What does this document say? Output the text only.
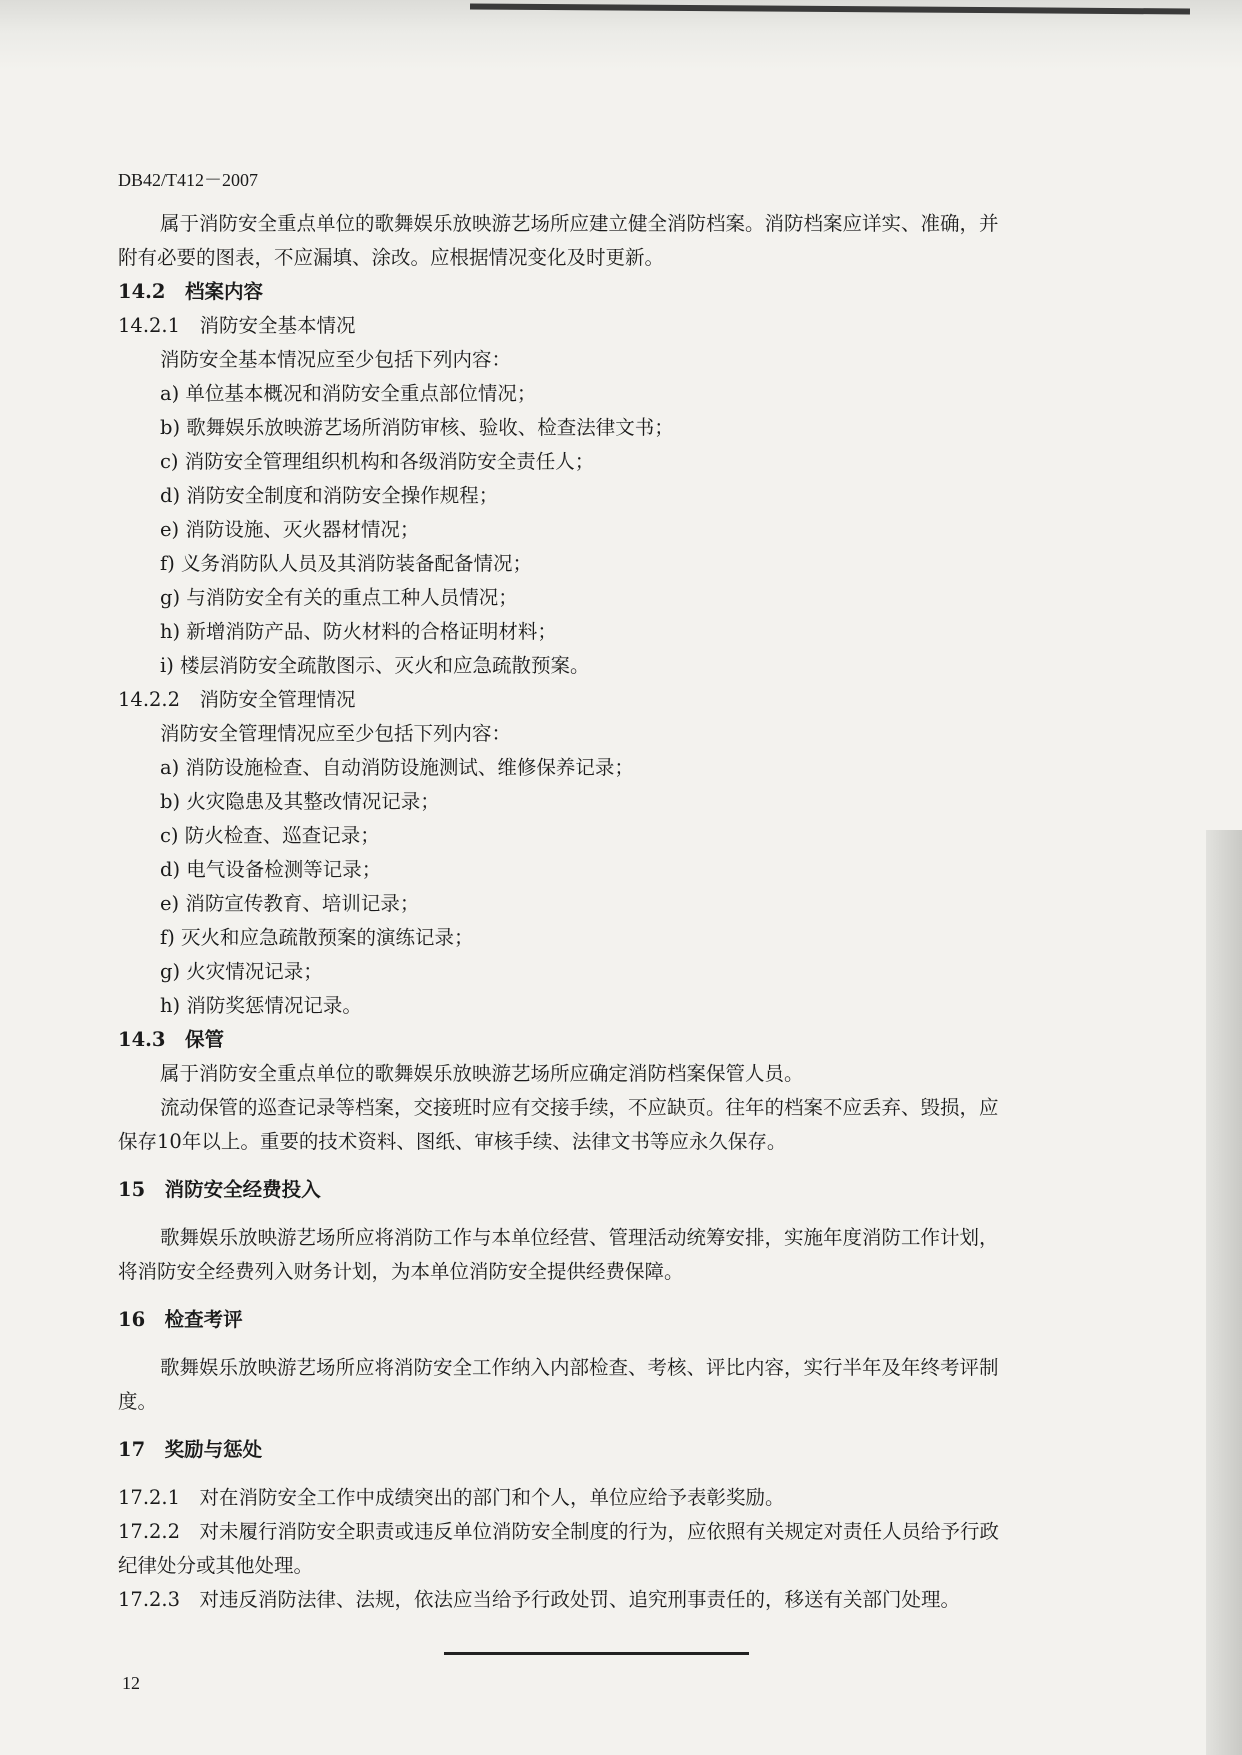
DB42/T412－2007
属于消防安全重点单位的歌舞娱乐放映游艺场所应建立健全消防档案。消防档案应详实、准确，并
附有必要的图表，不应漏填、涂改。应根据情况变化及时更新。
14.2　档案内容
14.2.1　消防安全基本情况
消防安全基本情况应至少包括下列内容：
a) 单位基本概况和消防安全重点部位情况；
b) 歌舞娱乐放映游艺场所消防审核、验收、检查法律文书；
c) 消防安全管理组织机构和各级消防安全责任人；
d) 消防安全制度和消防安全操作规程；
e) 消防设施、灭火器材情况；
f) 义务消防队人员及其消防装备配备情况；
g) 与消防安全有关的重点工种人员情况；
h) 新增消防产品、防火材料的合格证明材料；
i) 楼层消防安全疏散图示、灭火和应急疏散预案。
14.2.2　消防安全管理情况
消防安全管理情况应至少包括下列内容：
a) 消防设施检查、自动消防设施测试、维修保养记录；
b) 火灾隐患及其整改情况记录；
c) 防火检查、巡查记录；
d) 电气设备检测等记录；
e) 消防宣传教育、培训记录；
f) 灭火和应急疏散预案的演练记录；
g) 火灾情况记录；
h) 消防奖惩情况记录。
14.3　保管
属于消防安全重点单位的歌舞娱乐放映游艺场所应确定消防档案保管人员。
流动保管的巡查记录等档案，交接班时应有交接手续，不应缺页。往年的档案不应丢弃、毁损，应
保存10年以上。重要的技术资料、图纸、审核手续、法律文书等应永久保存。
15　消防安全经费投入
歌舞娱乐放映游艺场所应将消防工作与本单位经营、管理活动统筹安排，实施年度消防工作计划，
将消防安全经费列入财务计划，为本单位消防安全提供经费保障。
16　检查考评
歌舞娱乐放映游艺场所应将消防安全工作纳入内部检查、考核、评比内容，实行半年及年终考评制
度。
17　奖励与惩处
17.2.1　对在消防安全工作中成绩突出的部门和个人，单位应给予表彰奖励。
17.2.2　对未履行消防安全职责或违反单位消防安全制度的行为，应依照有关规定对责任人员给予行政
纪律处分或其他处理。
17.2.3　对违反消防法律、法规，依法应当给予行政处罚、追究刑事责任的，移送有关部门处理。
12
